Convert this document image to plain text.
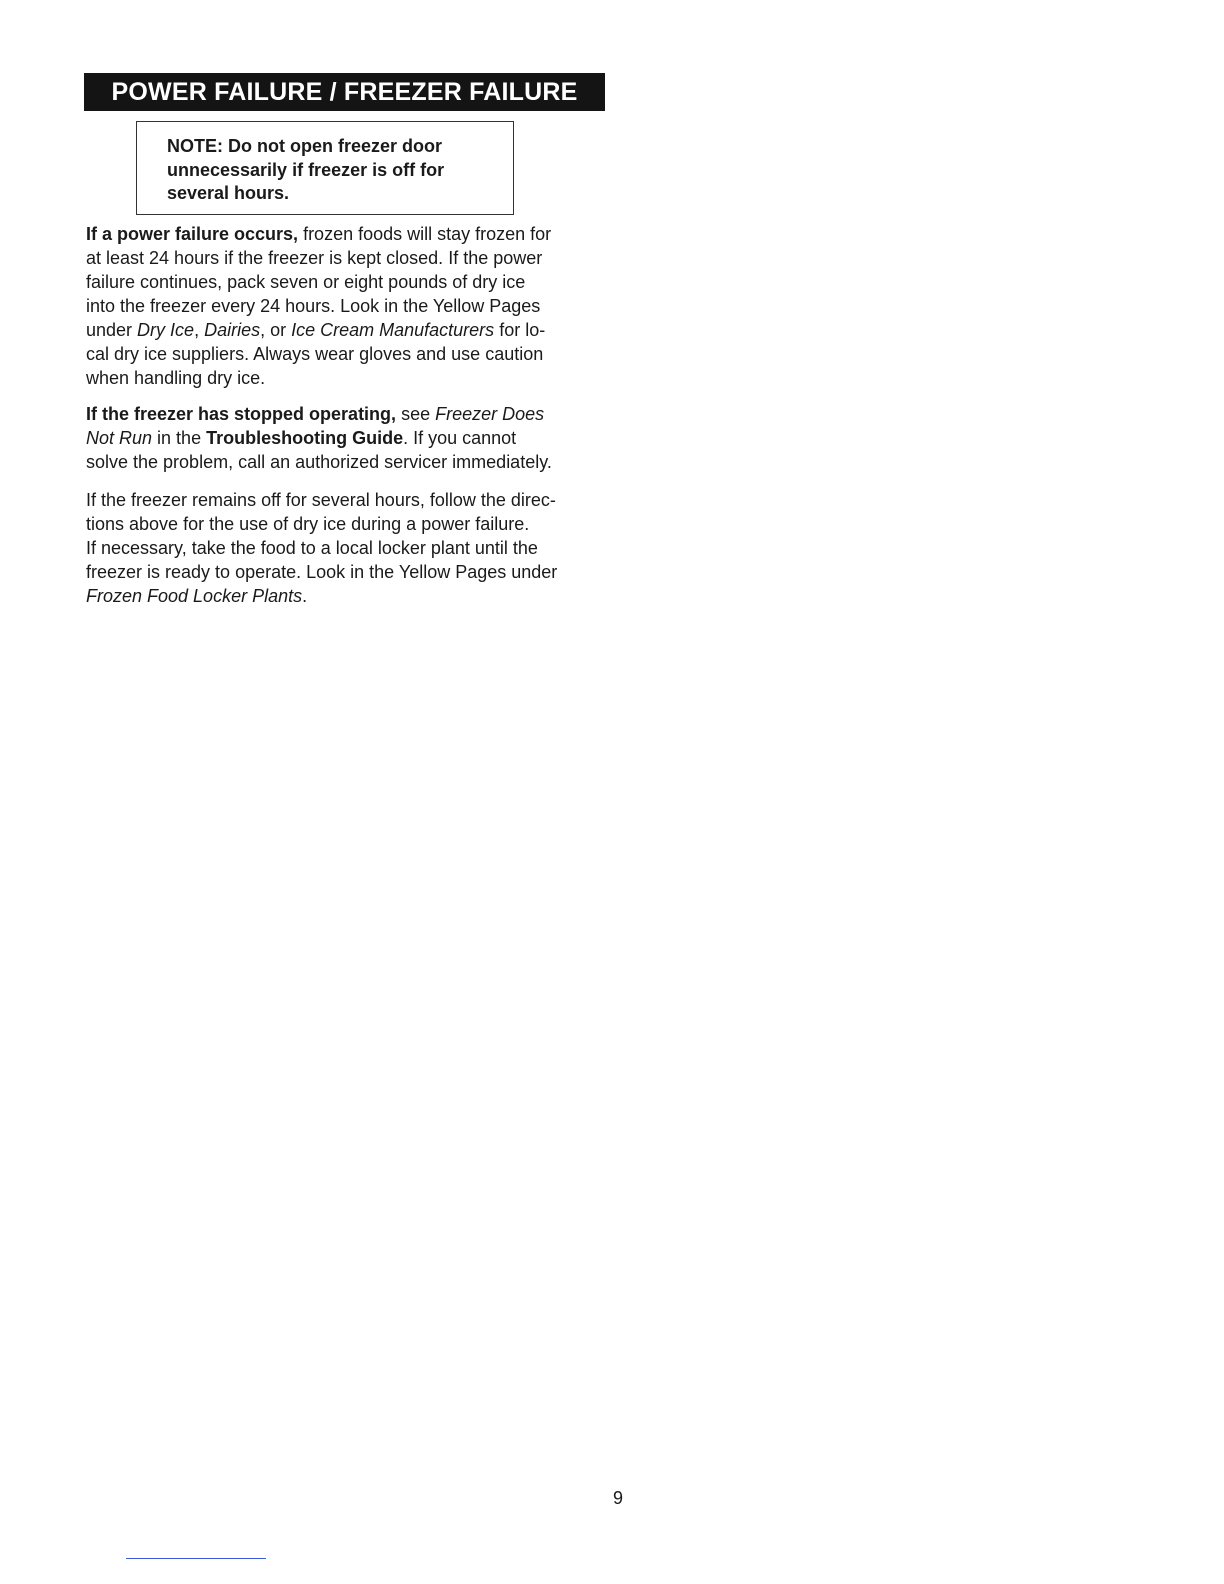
POWER FAILURE / FREEZER FAILURE
NOTE: Do not open freezer door
unnecessarily if freezer is off for
several hours.

If a power failure occurs, frozen foods will stay frozen for
at least 24 hours if the freezer is kept closed. If the power
failure continues, pack seven or eight pounds of dry ice
into the freezer every 24 hours. Look in the Yellow Pages
under Dry Ice, Dairies, or Ice Cream Manufacturers for lo-
cal dry ice suppliers. Always wear gloves and use caution
when handling dry ice.

If the freezer has stopped operating, see Freezer Does
Not Run in the Troubleshooting Guide. If you cannot
solve the problem, call an authorized servicer immediately.

If the freezer remains off for several hours, follow the direc-
tions above for the use of dry ice during a power failure.

If necessary, take the food to a local locker plant until the
freezer is ready to operate. Look in the Yellow Pages under
Frozen Food Locker Plants.

9
